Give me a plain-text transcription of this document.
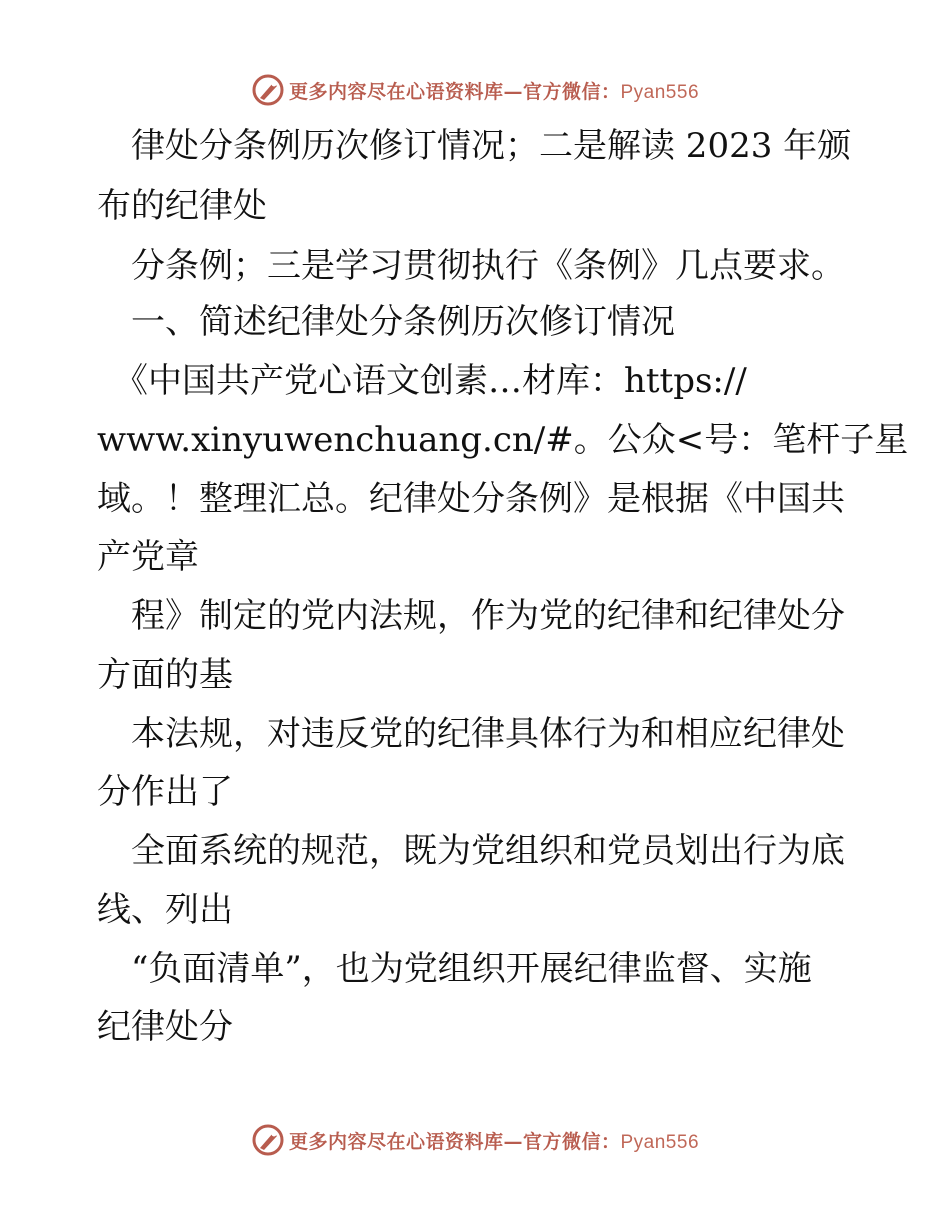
更多内容尽在心语资料库—官方微信：Pyan556
　律处分条例历次修订情况；二是解读 2023 年颁
布的纪律处
　分条例；三是学习贯彻执行《条例》几点要求。
　一、简述纪律处分条例历次修订情况
　《中国共产党心语文创素…材库：https://
www.xinyuwenchuang.cn/#。公众<号：笔杆子星
域。！整理汇总。纪律处分条例》是根据《中国共
产党章
　程》制定的党内法规，作为党的纪律和纪律处分
方面的基
　本法规，对违反党的纪律具体行为和相应纪律处
分作出了
　全面系统的规范，既为党组织和党员划出行为底
线、列出
　“负面清单”，也为党组织开展纪律监督、实施
纪律处分
更多内容尽在心语资料库—官方微信：Pyan556
